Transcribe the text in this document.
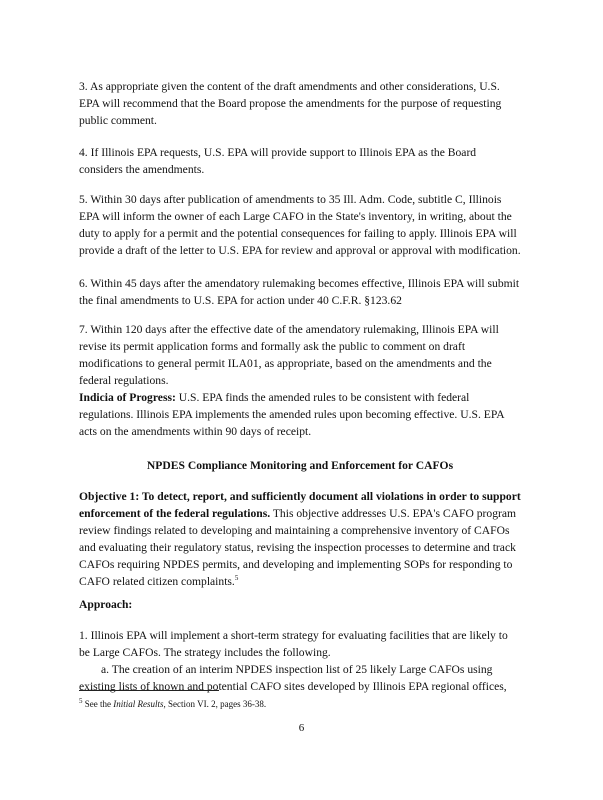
3. As appropriate given the content of the draft amendments and other considerations, U.S. EPA will recommend that the Board propose the amendments for the purpose of requesting public comment.

4. If Illinois EPA requests, U.S. EPA will provide support to Illinois EPA as the Board considers the amendments.

5. Within 30 days after publication of amendments to 35 Ill. Adm. Code, subtitle C, Illinois EPA will inform the owner of each Large CAFO in the State's inventory, in writing, about the duty to apply for a permit and the potential consequences for failing to apply. Illinois EPA will provide a draft of the letter to U.S. EPA for review and approval or approval with modification.

6. Within 45 days after the amendatory rulemaking becomes effective, Illinois EPA will submit the final amendments to U.S. EPA for action under 40 C.F.R. §123.62

7. Within 120 days after the effective date of the amendatory rulemaking, Illinois EPA will revise its permit application forms and formally ask the public to comment on draft modifications to general permit ILA01, as appropriate, based on the amendments and the federal regulations.

Indicia of Progress: U.S. EPA finds the amended rules to be consistent with federal regulations. Illinois EPA implements the amended rules upon becoming effective. U.S. EPA acts on the amendments within 90 days of receipt.

NPDES Compliance Monitoring and Enforcement for CAFOs

Objective 1: To detect, report, and sufficiently document all violations in order to support enforcement of the federal regulations. This objective addresses U.S. EPA's CAFO program review findings related to developing and maintaining a comprehensive inventory of CAFOs and evaluating their regulatory status, revising the inspection processes to determine and track CAFOs requiring NPDES permits, and developing and implementing SOPs for responding to CAFO related citizen complaints.$^5$

Approach:

1. Illinois EPA will implement a short-term strategy for evaluating facilities that are likely to be Large CAFOs. The strategy includes the following.

a. The creation of an interim NPDES inspection list of 25 likely Large CAFOs using existing lists of known and potential CAFO sites developed by Illinois EPA regional offices,

$^5$ See the Initial Results, Section VI. 2, pages 36-38.
6
